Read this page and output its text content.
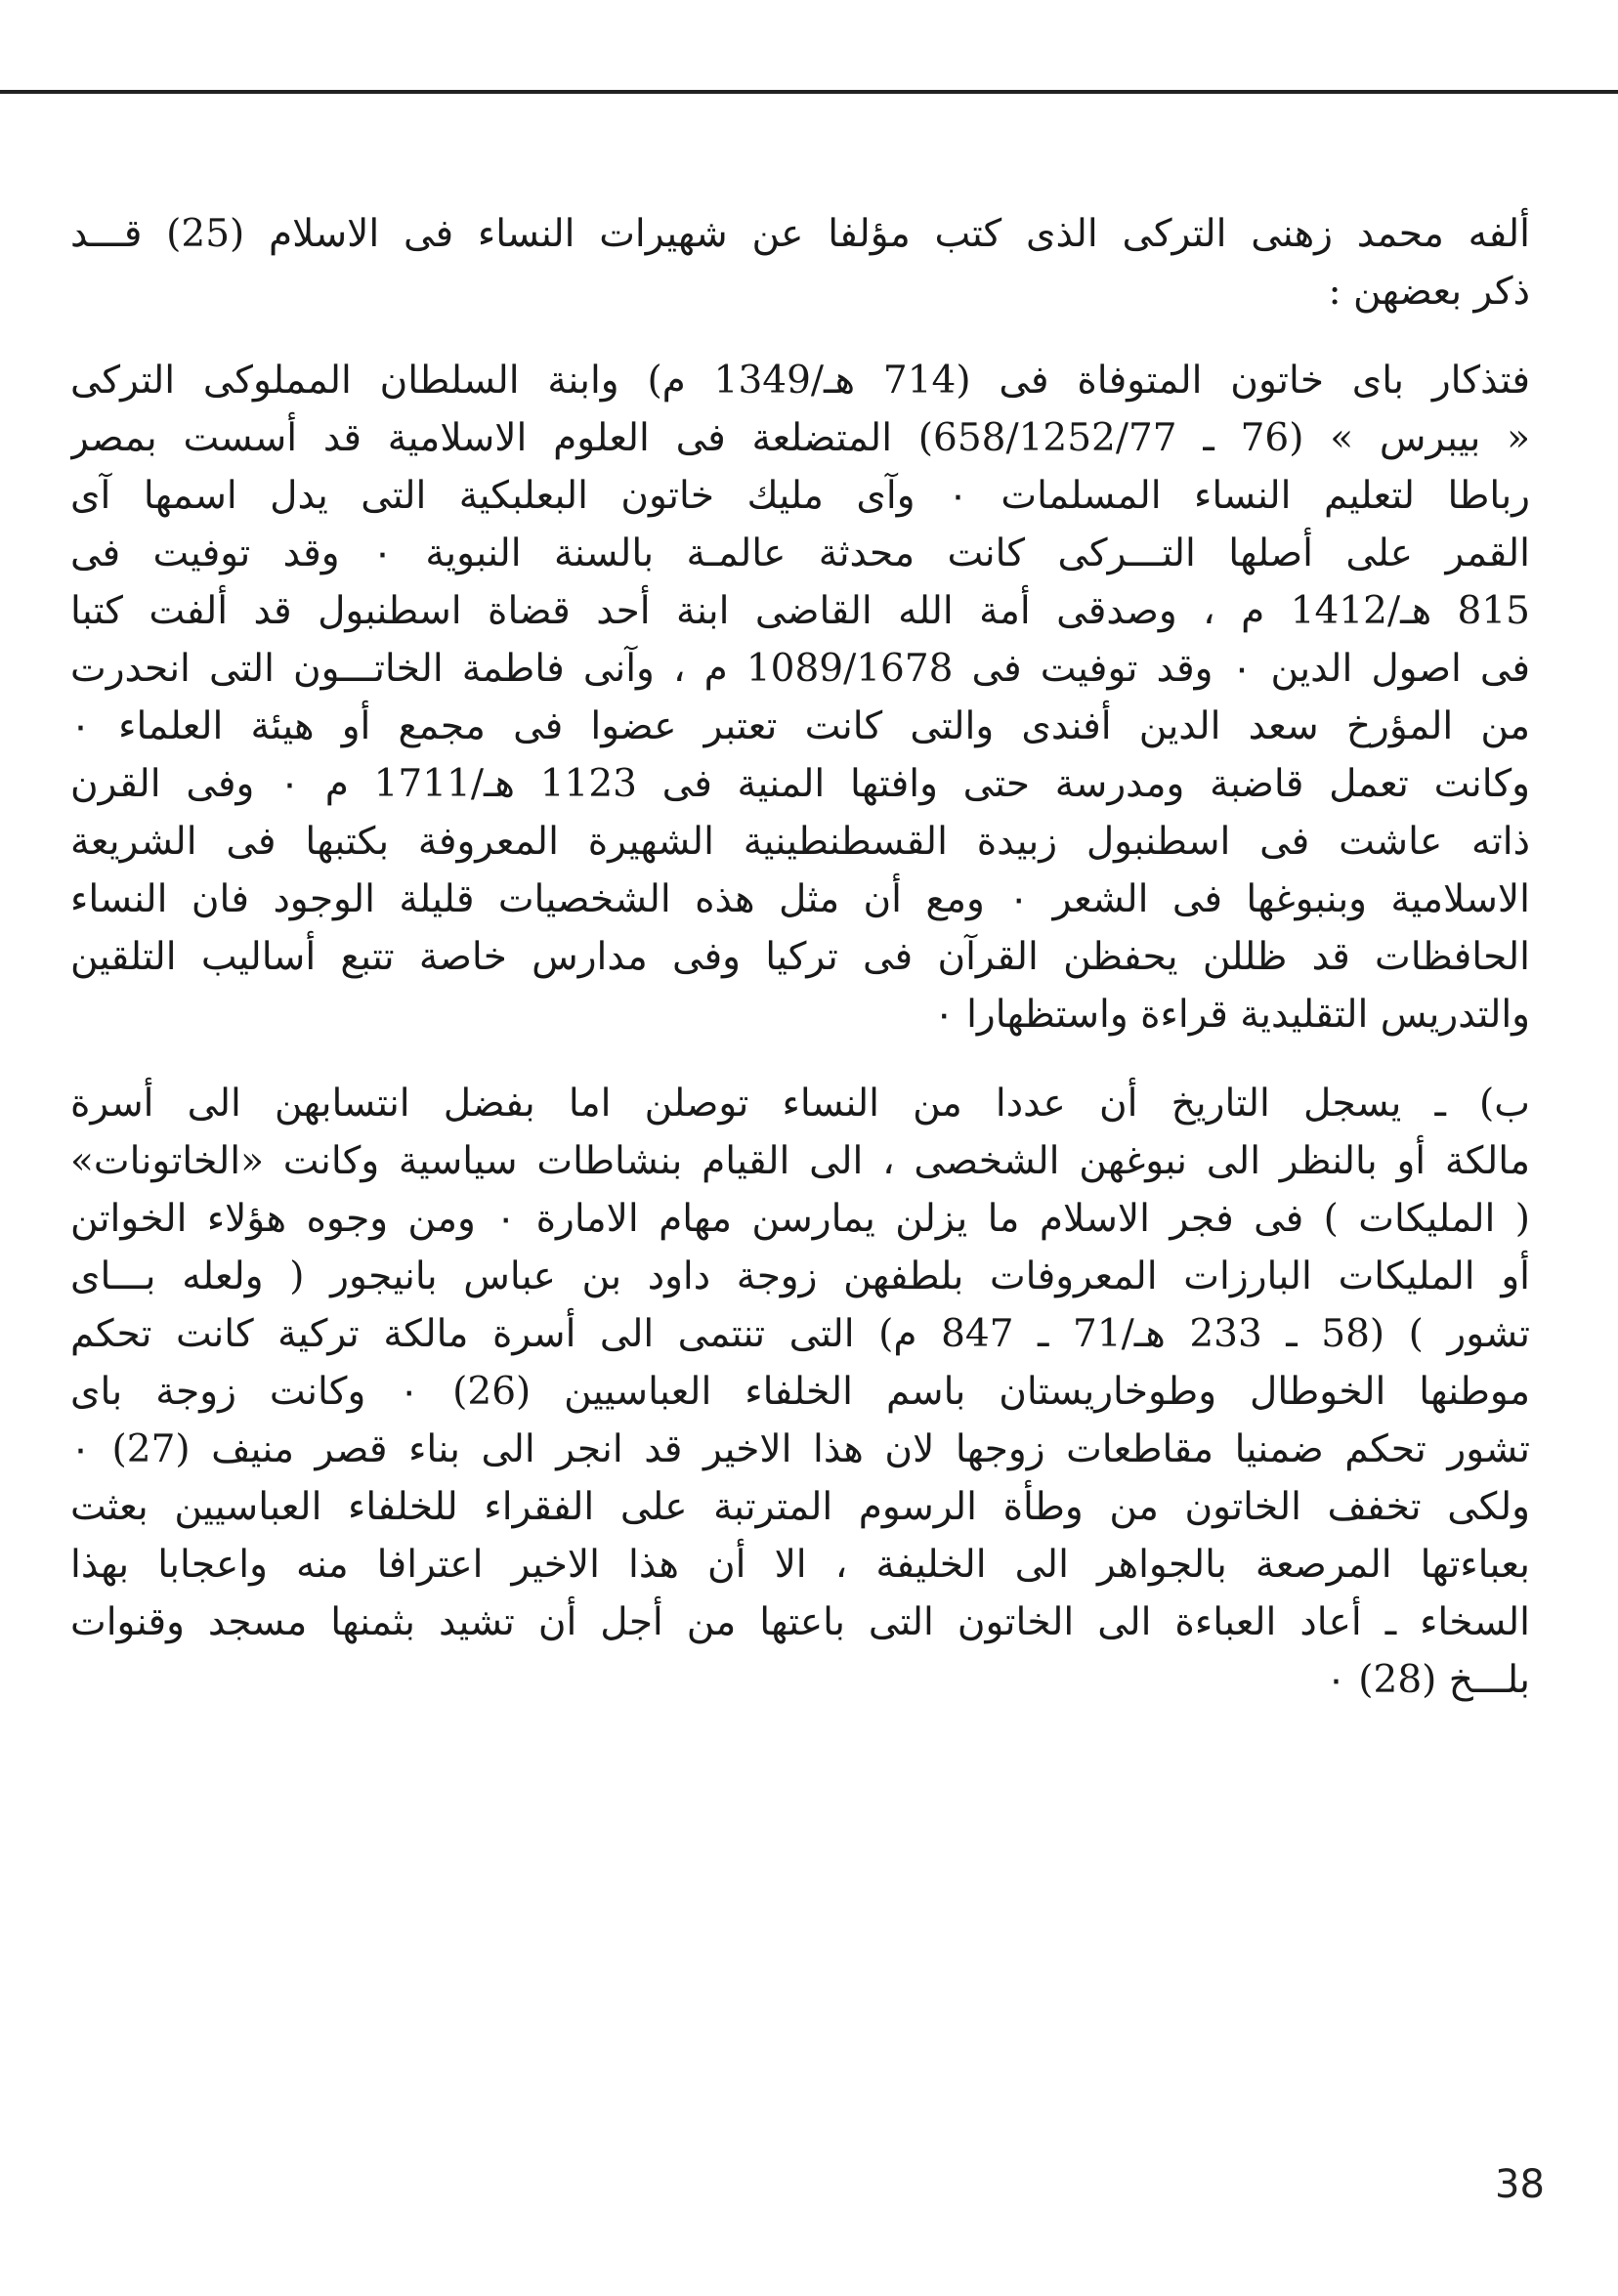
ألفه محمد زهنى التركى الذى كتب مؤلفا عن شهيرات النساء فى الاسلام (25) قـــد
ذكر بعضهن :
فتذكار باى خاتون المتوفاة فى (714 هـ/1349 م) وابنة السلطان المملوكى التركى
« بيبرس » (76 ـ 658/1252/77) المتضلعة فى العلوم الاسلامية قد أسست بمصر
رباطا لتعليم النساء المسلمات ٠ وآى مليك خاتون البعلبكية التى يدل اسمها آى
القمر على أصلها التـــركى كانت محدثة عالمـة بالسنة النبوية ٠ وقد توفيت فى
815 هـ/1412 م ، وصدقى أمة الله القاضى ابنة أحد قضاة اسطنبول قد ألفت كتبا
فى اصول الدين ٠ وقد توفيت فى 1089/1678 م ، وآنى فاطمة الخاتـــون التى انحدرت
من المؤرخ سعد الدين أفندى والتى كانت تعتبر عضوا فى مجمع أو هيئة العلماء ٠
وكانت تعمل قاضبة ومدرسة حتى وافتها المنية فى 1123 هـ/1711 م ٠ وفى القرن
ذاته عاشت فى اسطنبول زبيدة القسطنطينية الشهيرة المعروفة بكتبها فى الشريعة
الاسلامية وبنبوغها فى الشعر ٠ ومع أن مثل هذه الشخصيات قليلة الوجود فان النساء
الحافظات قد ظللن يحفظن القرآن فى تركيا وفى مدارس خاصة تتبع أساليب التلقين
والتدريس التقليدية قراءة واستظهارا ٠
ب) ـ يسجل التاريخ أن عددا من النساء توصلن اما بفضل انتسابهن الى أسرة
مالكة أو بالنظر الى نبوغهن الشخصى ، الى القيام بنشاطات سياسية وكانت «الخاتونات»
( المليكات ) فى فجر الاسلام ما يزلن يمارسن مهام الامارة ٠ ومن وجوه هؤلاء الخواتن
أو المليكات البارزات المعروفات بلطفهن زوجة داود بن عباس بانيجور ( ولعله بـــاى
تشور ) (58 ـ 233 هـ/71 ـ 847 م) التى تنتمى الى أسرة مالكة تركية كانت تحكم
موطنها الخوطال وطوخاريستان باسم الخلفاء العباسيين (26) ٠ وكانت زوجة باى
تشور تحكم ضمنيا مقاطعات زوجها لان هذا الاخير قد انجر الى بناء قصر منيف (27) ٠
ولكى تخفف الخاتون من وطأة الرسوم المترتبة على الفقراء للخلفاء العباسيين بعثت
بعباءتها المرصعة بالجواهر الى الخليفة ، الا أن هذا الاخير اعترافا منه واعجابا بهذا
السخاء ـ أعاد العباءة الى الخاتون التى باعتها من أجل أن تشيد بثمنها مسجد وقنوات
بلـــخ (28) ٠
38
